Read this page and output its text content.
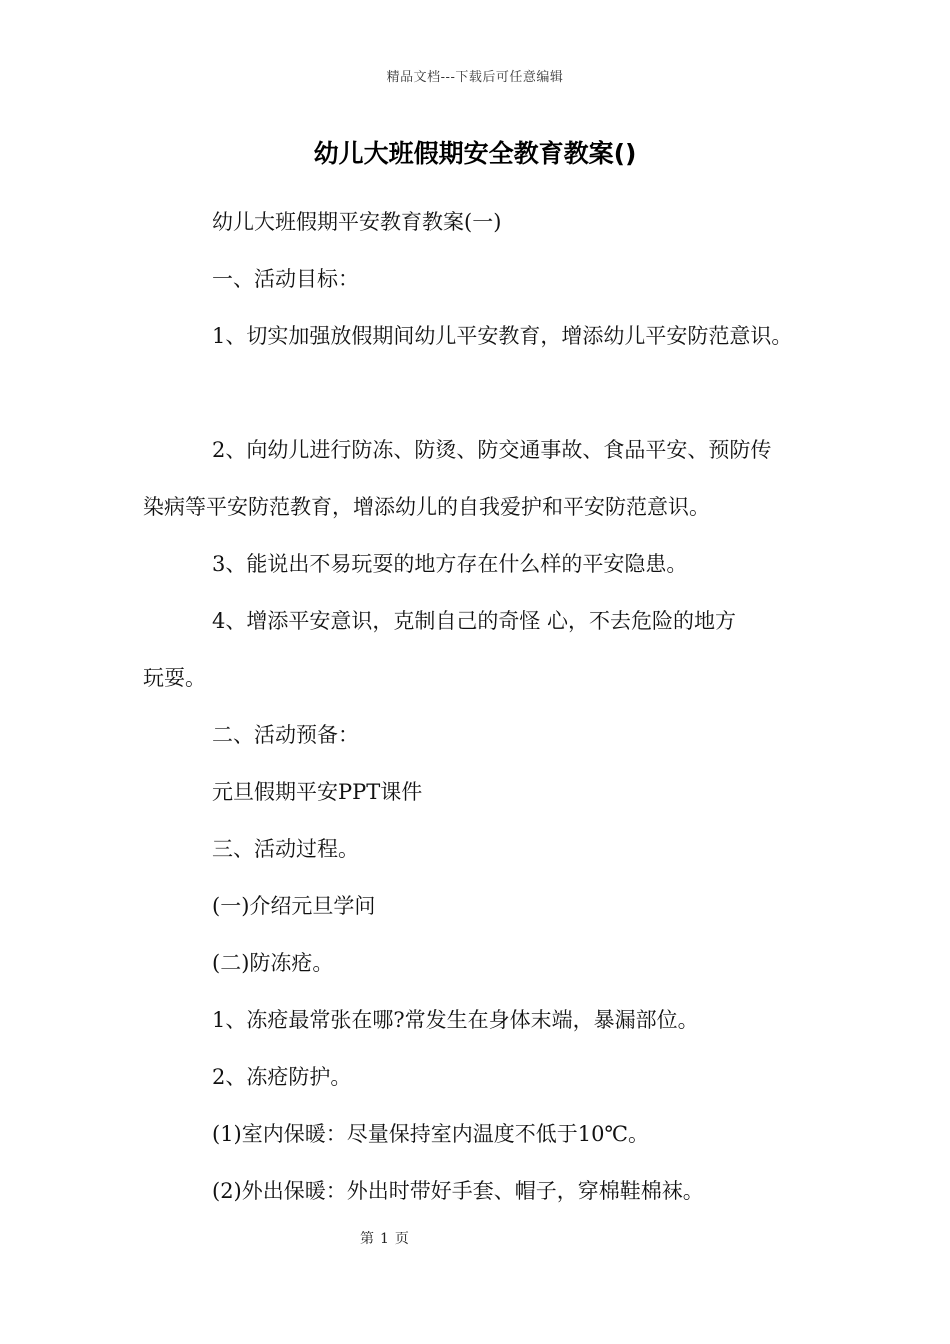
精品文档---下载后可任意编辑
幼儿大班假期安全教育教案()

幼儿大班假期平安教育教案(一)

一、活动目标：

1、切实加强放假期间幼儿平安教育，增添幼儿平安防范意识。

2、向幼儿进行防冻、防烫、防交通事故、食品平安、预防传

染病等平安防范教育，增添幼儿的自我爱护和平安防范意识。

3、能说出不易玩耍的地方存在什么样的平安隐患。

4、增添平安意识，克制自己的奇怪 心，不去危险的地方

玩耍。

二、活动预备：

元旦假期平安PPT课件

三、活动过程。

(一)介绍元旦学问

(二)防冻疮。

1、冻疮最常张在哪?常发生在身体末端，暴漏部位。

2、冻疮防护。

(1)室内保暖：尽量保持室内温度不低于10℃。

(2)外出保暖：外出时带好手套、帽子，穿棉鞋棉袜。

第 1 页
